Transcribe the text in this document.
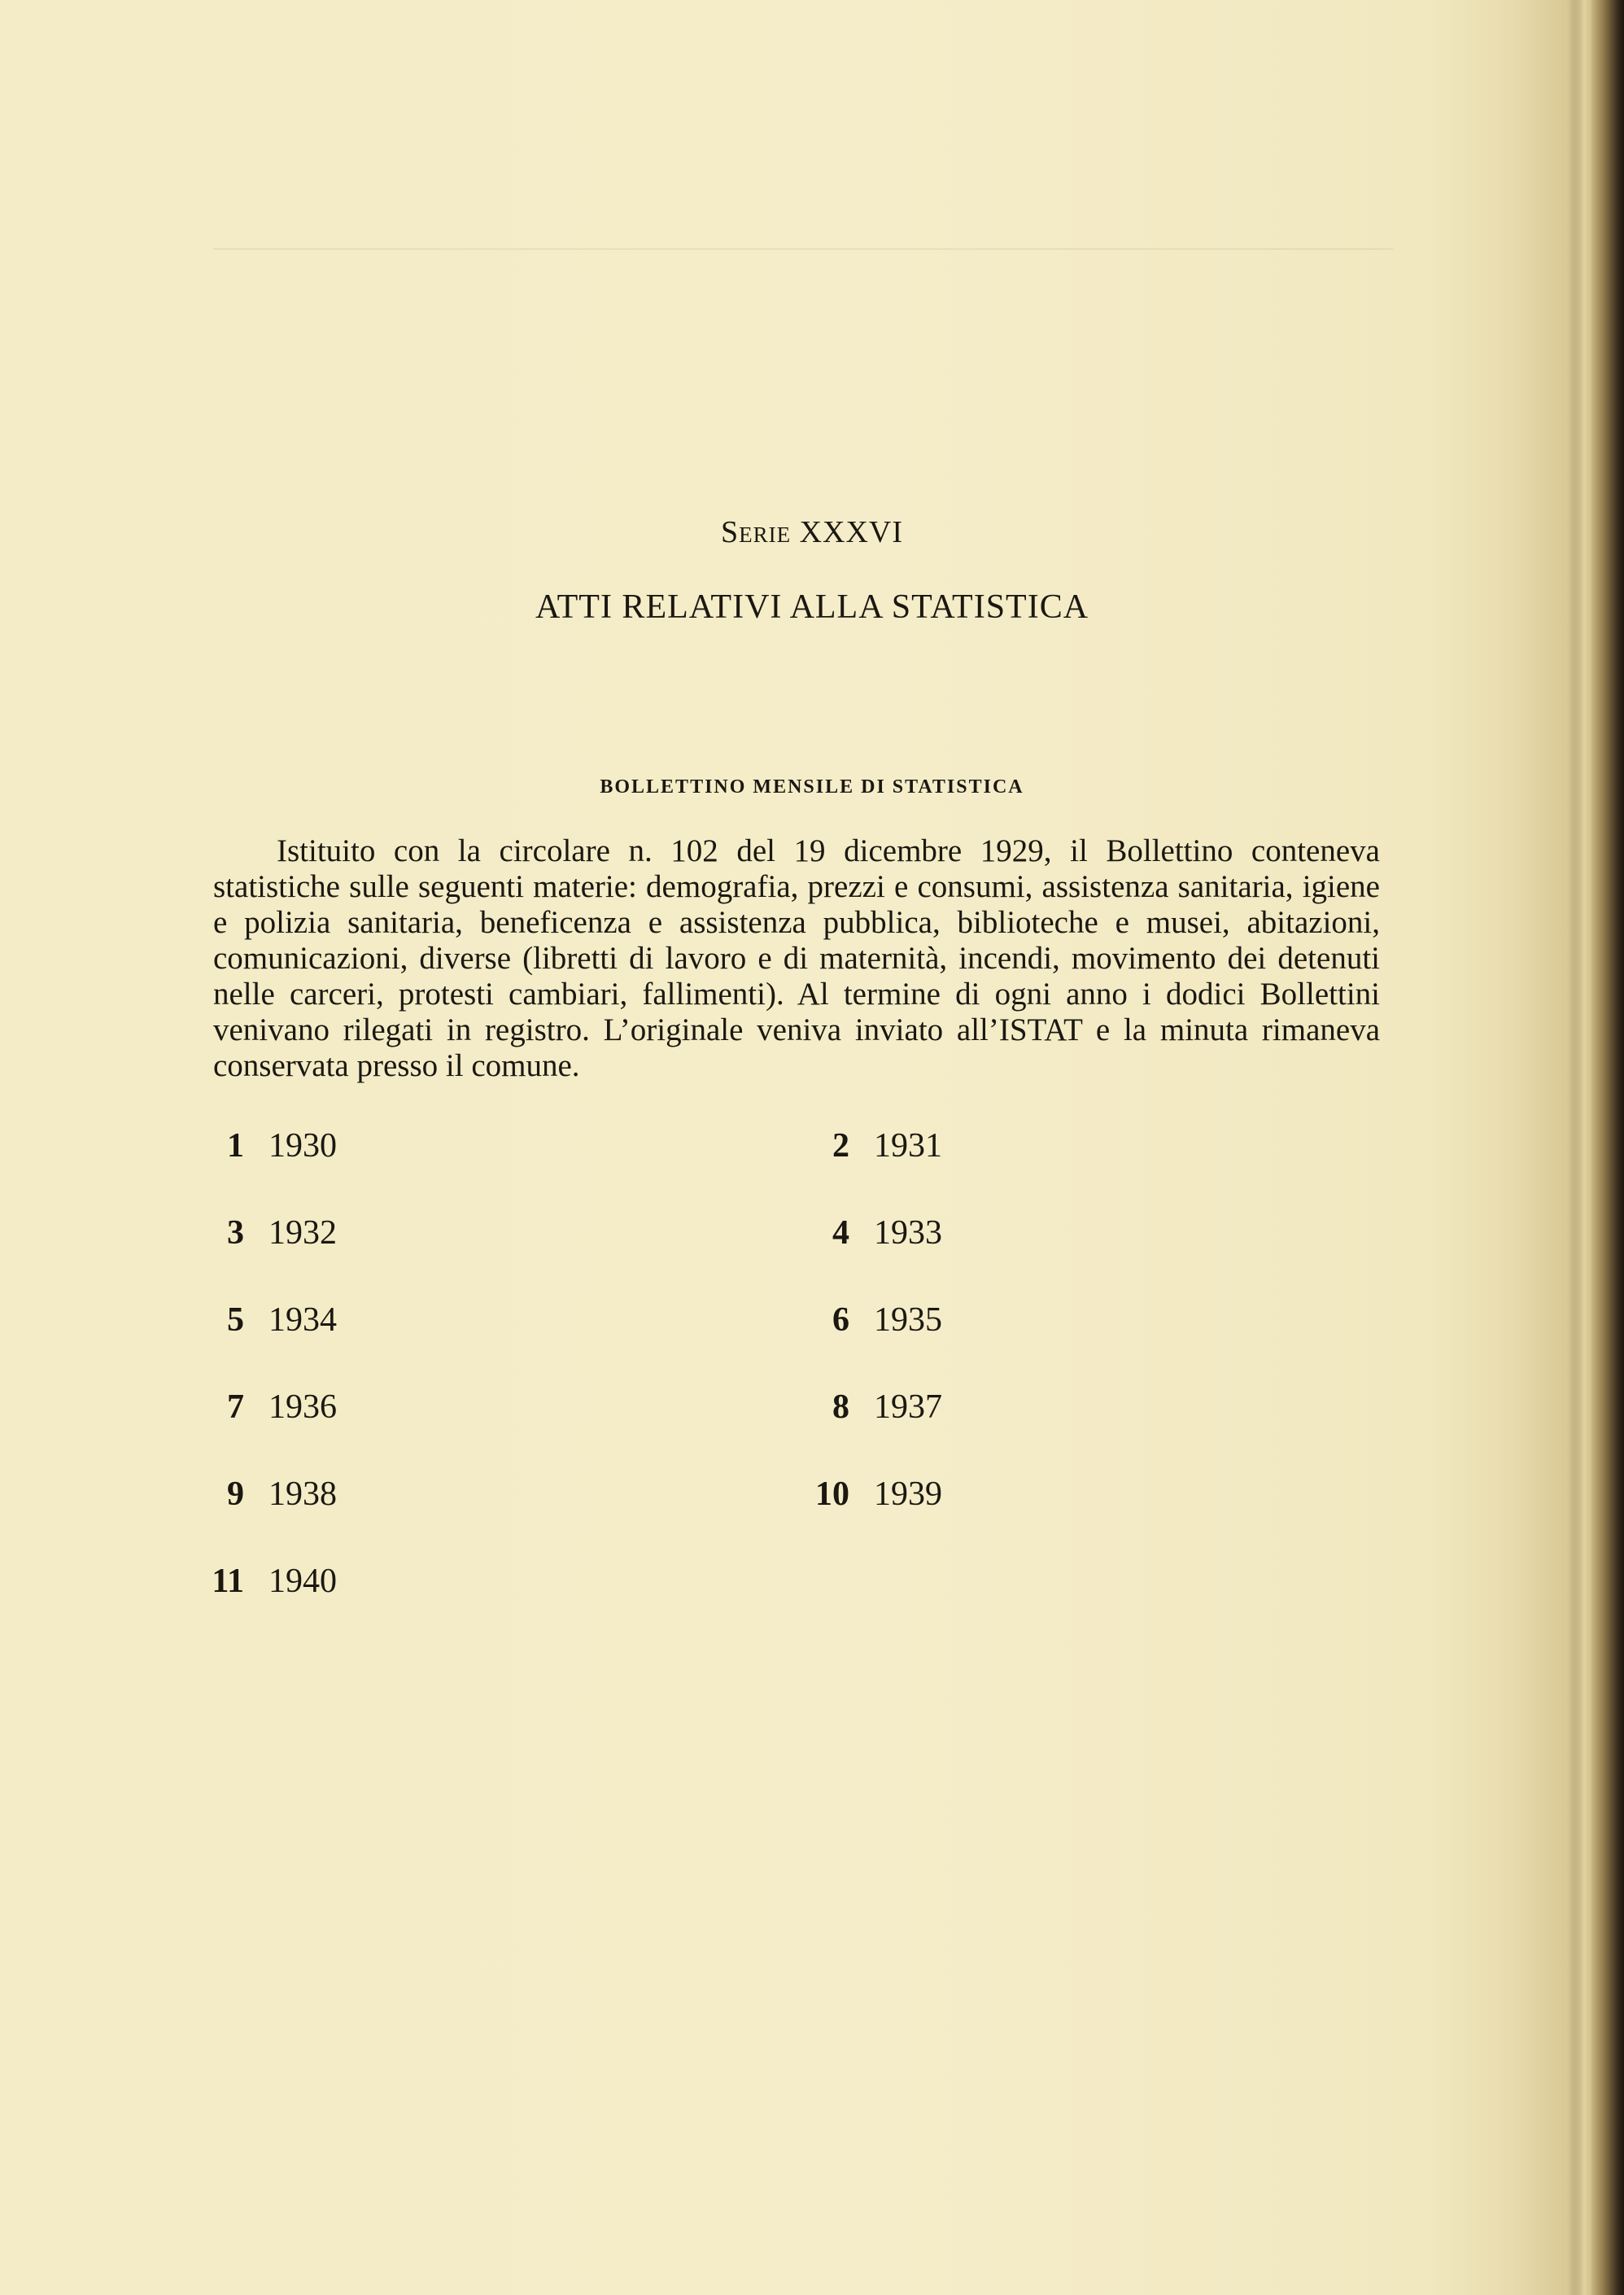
Serie XXXVI
ATTI RELATIVI ALLA STATISTICA
BOLLETTINO MENSILE DI STATISTICA
Istituito con la circolare n. 102 del 19 dicembre 1929, il Bollettino conteneva statistiche sulle seguenti materie: demografia, prezzi e consumi, assistenza sanitaria, igiene e polizia sanitaria, beneficenza e assistenza pubblica, biblioteche e musei, abitazioni, comunicazioni, diverse (libretti di lavoro e di maternità, incendi, movimento dei detenuti nelle carceri, protesti cambiari, fallimenti). Al termine di ogni anno i dodici Bollettini venivano rilegati in registro. L’originale veniva inviato all’ISTAT e la minuta rimaneva conservata presso il comune.
1 1930	2 1931
3 1932	4 1933
5 1934	6 1935
7 1936	8 1937
9 1938	10 1939
11 1940
